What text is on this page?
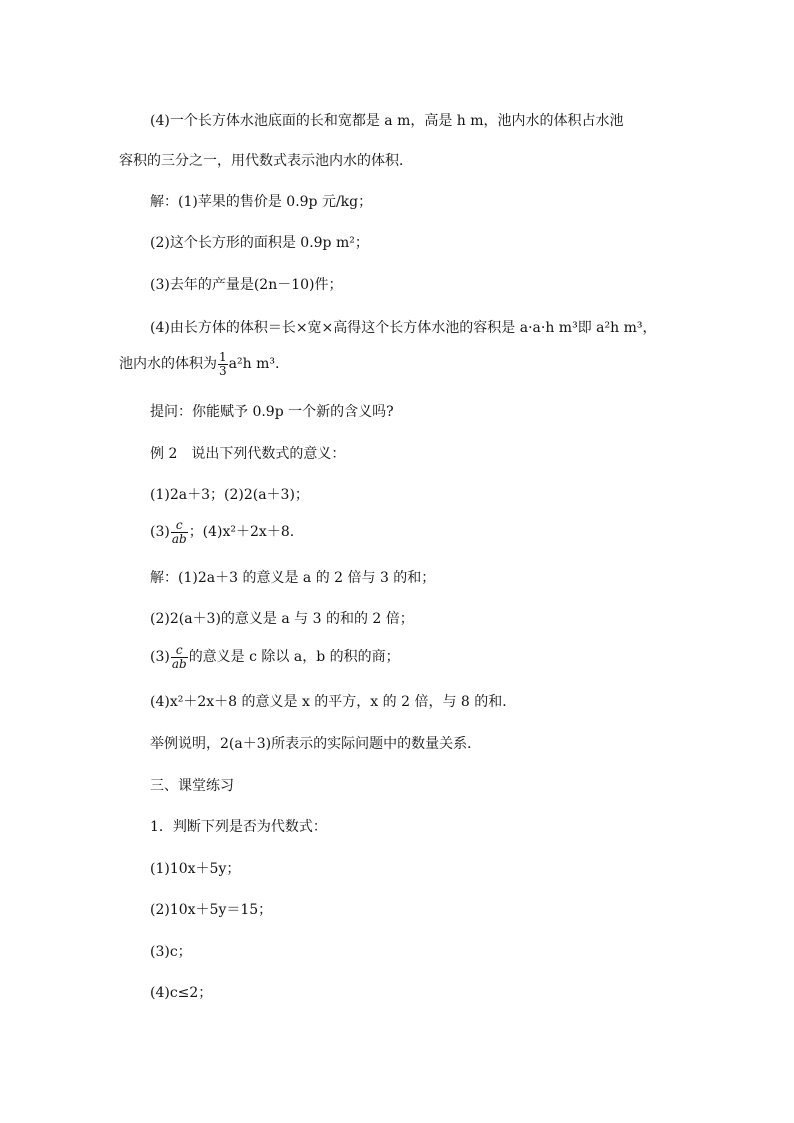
(4)一个长方体水池底面的长和宽都是 a m，高是 h m，池内水的体积占水池
容积的三分之一，用代数式表示池内水的体积．
解：(1)苹果的售价是 0.9p 元/kg；
(2)这个长方形的面积是 0.9p m²；
(3)去年的产量是(2n－10)件；
(4)由长方体的体积＝长×宽×高得这个长方体水池的容积是 a·a·h m³即 a²h m³，
池内水的体积为 $\frac{1}{3} a^2h$ m³.
提问：你能赋予 0.9p 一个新的含义吗?
例 2　说出下列代数式的意义：
(1)2a＋3；(2)2(a＋3)；
$(3) \frac{c}{ab}$ ；(4)x²＋2x＋8.
解：(1)2a＋3 的意义是 a 的 2 倍与 3 的和；
(2)2(a＋3)的意义是 a 与 3 的和的 2 倍；
$(3) \frac{c}{ab}$ 的意义是 c 除以 a，b 的积的商；
(4)x²＋2x＋8 的意义是 x 的平方，x 的 2 倍，与 8 的和．
举例说明，2(a＋3)所表示的实际问题中的数量关系．
三、课堂练习
1．判断下列是否为代数式：
(1)10x＋5y；
(2)10x＋5y＝15；
(3)c；
(4)c≤2；
